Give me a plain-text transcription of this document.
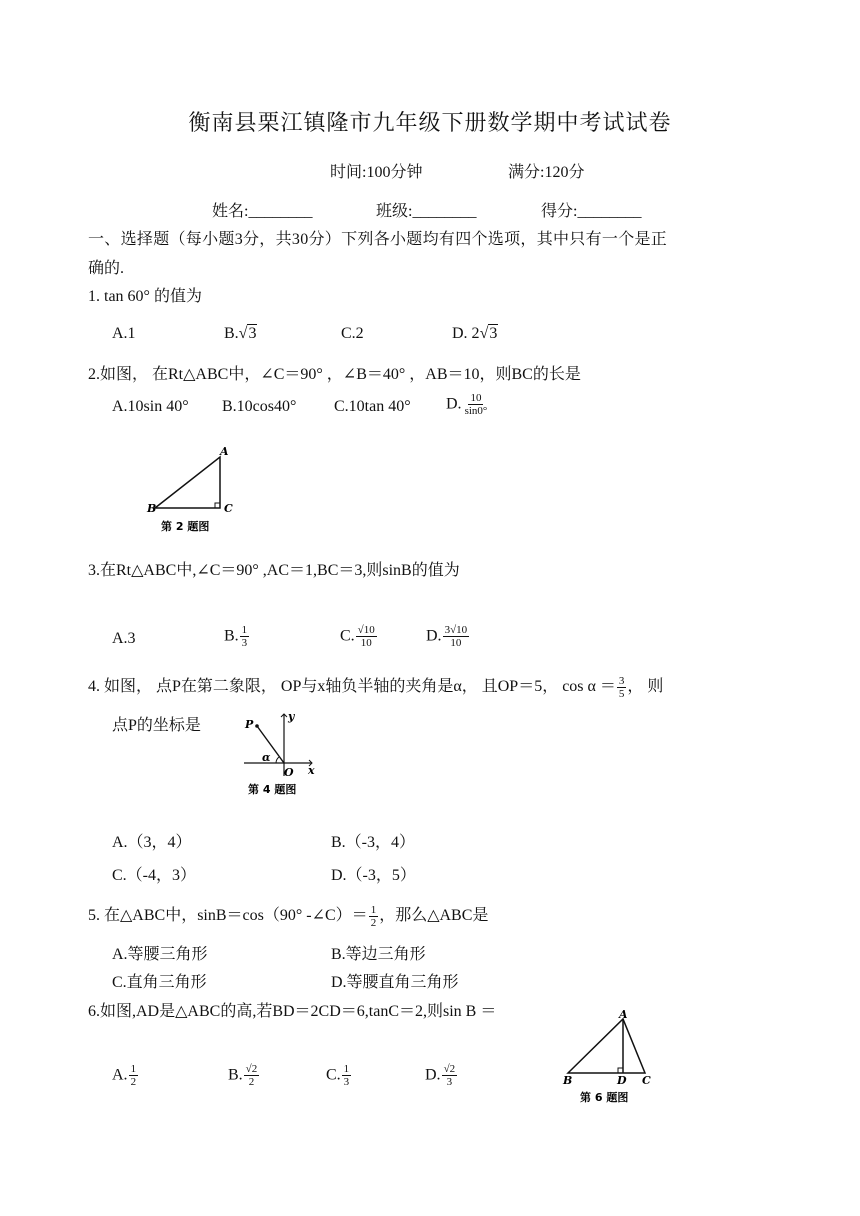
衡南县栗江镇隆市九年级下册数学期中考试试卷
时间:100分钟	满分:120分
姓名:________	班级:________	得分:________
一、选择题（每小题3分，共30分）下列各小题均有四个选项，其中只有一个是正
确的.
1. tan 60° 的值为
A.1	B.√3	C.2	D. 2√3
2.如图， 在Rt△ABC中，∠C＝90° ，∠B＝40° ，AB＝10，则BC的长是
A.10sin 40° B.10cos40° C.10tan 40° D. $\frac{10}{\sin 0^\circ}$
A
B	C
第 2 题图
3.在Rt△ABC中,∠C＝90° ,AC＝1,BC＝3,则sinB的值为
A.3	B. $\frac{1}{3}$	C. $\frac{√10}{10}$	D. $\frac{3√10}{10}$
4. 如图， 点P在第二象限， OP与x轴负半轴的夹角是α， 且OP＝5， $\cos \alpha = \frac{3}{5}$ ， 则
点P的坐标是	P
y
α
O x
第 4 题图
A.（3，4）	B.（-3，4）
C.（-4，3）	D.（-3，5）
5. 在△ABC中，sinB＝cos（90° -∠C）＝ $\frac{1}{2}$ ，那么△ABC是
A.等腰三角形	B.等边三角形
C.直角三角形	D.等腰直角三角形
6.如图,AD是△ABC的高,若BD＝2CD＝6,tanC＝2,则sin B ＝
A. $\frac{1}{2}$	B. $\frac{√2}{2}$	C. $\frac{1}{3}$	D. $\frac{√2}{3}$
A
B	D C
第 6 题图
